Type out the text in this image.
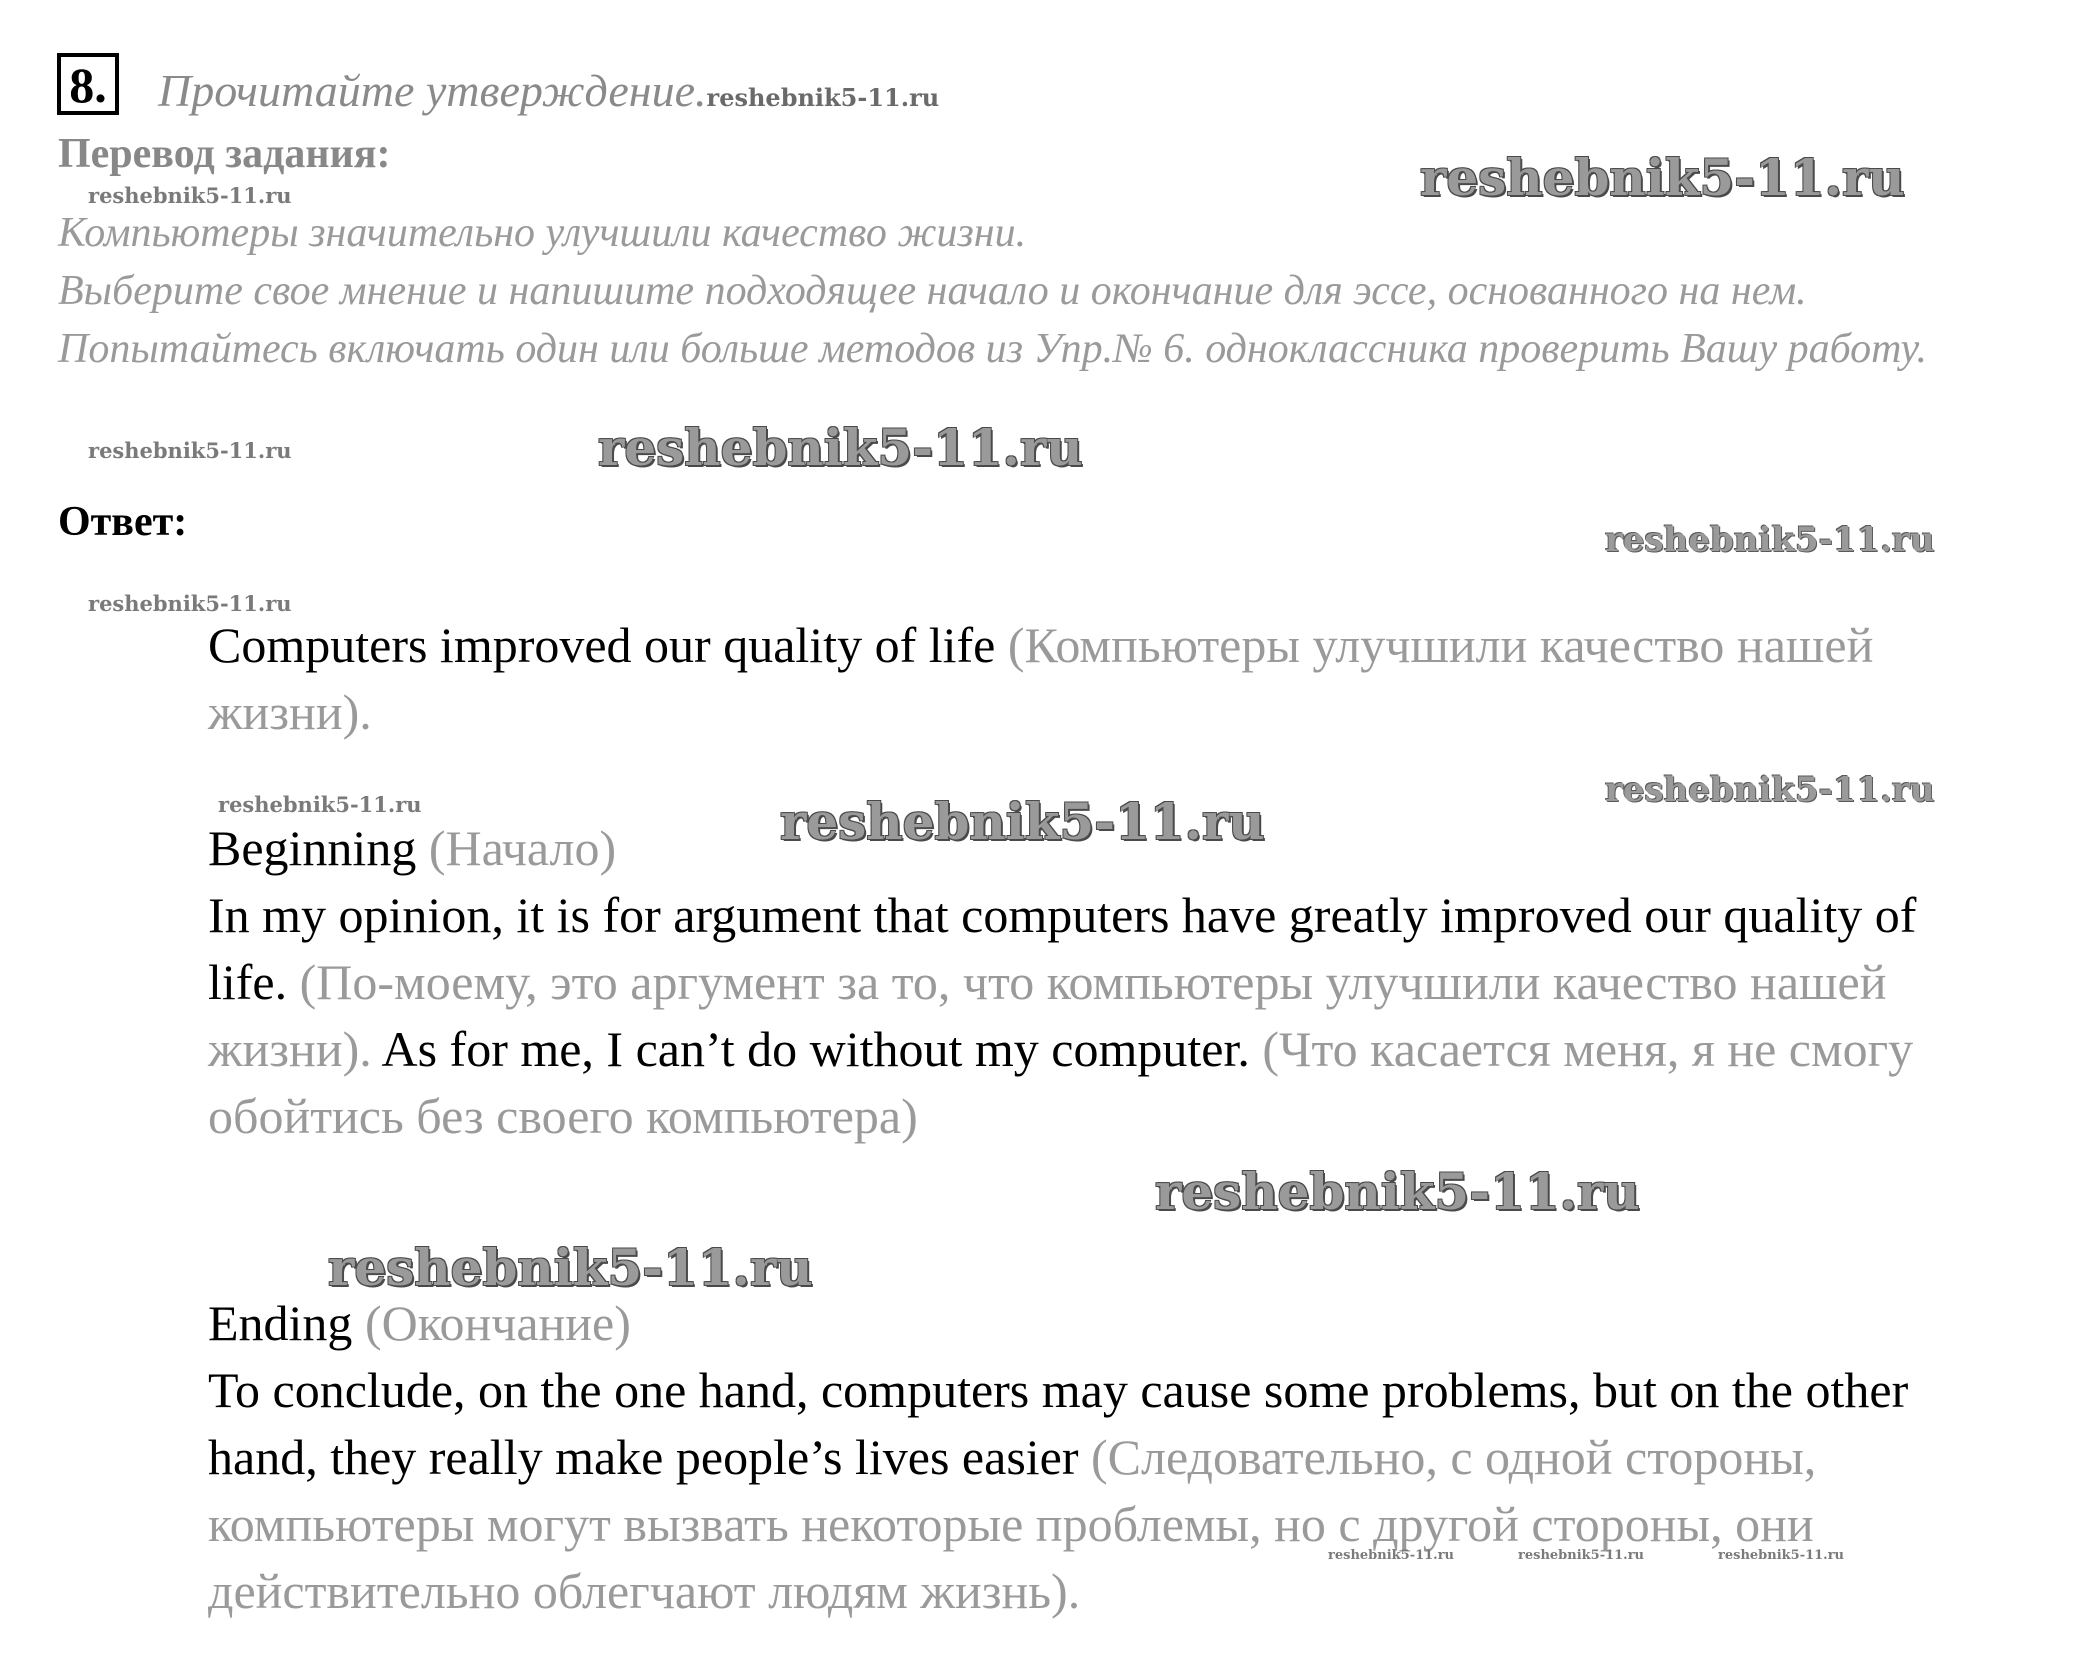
8. Прочитайте утверждение.reshebnik5-11.ru
Перевод задания:
reshebnik5-11.ru	reshebnik5-11.ru

Компьютеры значительно улучшили качество жизни.

Выберите свое мнение и напишите подходящее начало и окончание для эссе, основанного на нем. Попытайтесь включать один или больше методов из Упр.№ 6. одноклассника проверить Вашу работу.

reshebnik5-11.ru	reshebnik5-11.ru
Ответ:	reshebnik5-11.ru
reshebnik5-11.ru

Computers improved our quality of life (Компьютеры улучшили качество нашей жизни).

reshebnik5-11.ru	reshebnik5-11.ru
reshebnik5-11.ru

Beginning (Начало)

In my opinion, it is for argument that computers have greatly improved our quality of life. (По-моему, это аргумент за то, что компьютеры улучшили качество нашей жизни). As for me, I can’t do without my computer. (Что касается меня, я не смогу обойтись без своего компьютера)

reshebnik5-11.ru
reshebnik5-11.ru

Ending (Окончание)

To conclude, on the one hand, computers may cause some problems, but on the other hand, they really make people’s lives easier (Следовательно, с одной стороны, компьютеры могут вызвать некоторые проблемы, но с другой стороны, они действительно облегчают людям жизнь).

reshebnik5-11.ru	reshebnik5-11.ru	reshebnik5-11.ru
